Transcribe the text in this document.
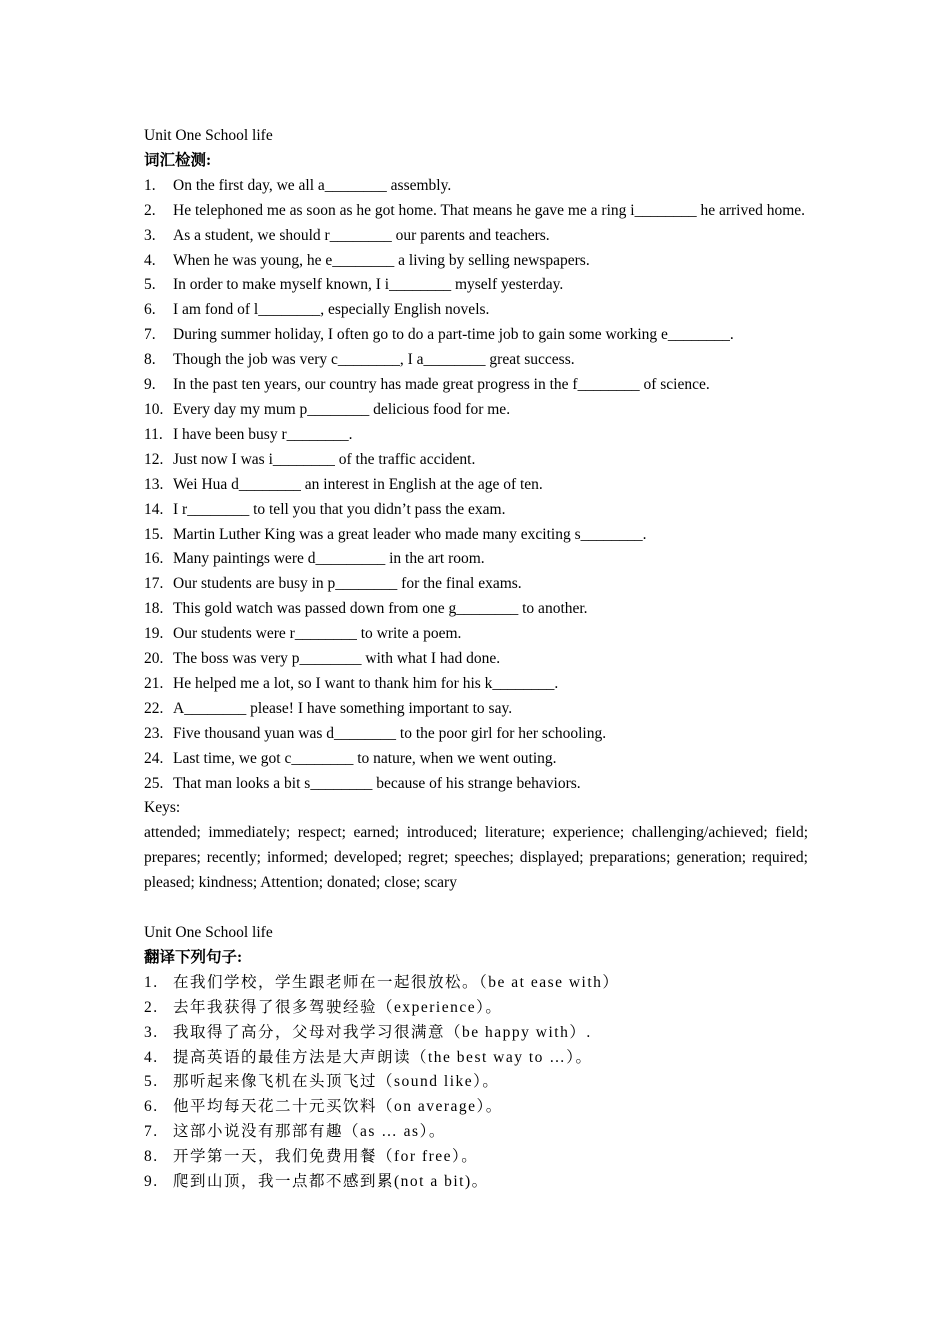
Unit One School life

词汇检测:

1. On the first day, we all a________ assembly.
2. He telephoned me as soon as he got home. That means he gave me a ring i________ he arrived home.
3. As a student, we should r________ our parents and teachers.
4. When he was young, he e________ a living by selling newspapers.
5. In order to make myself known, I i________ myself yesterday.
6. I am fond of l________, especially English novels.
7. During summer holiday, I often go to do a part-time job to gain some working e________.
8. Though the job was very c________, I a________ great success.
9. In the past ten years, our country has made great progress in the f________ of science.
10. Every day my mum p________ delicious food for me.
11. I have been busy r________.
12. Just now I was i________ of the traffic accident.
13. Wei Hua d________ an interest in English at the age of ten.
14. I r________ to tell you that you didn’t pass the exam.
15. Martin Luther King was a great leader who made many exciting s________.
16. Many paintings were d_________ in the art room.
17. Our students are busy in p________ for the final exams.
18. This gold watch was passed down from one g________ to another.
19. Our students were r________ to write a poem.
20. The boss was very p________ with what I had done.
21. He helped me a lot, so I want to thank him for his k________.
22. A________ please! I have something important to say.
23. Five thousand yuan was d________ to the poor girl for her schooling.
24. Last time, we got c________ to nature, when we went outing.
25. That man looks a bit s________ because of his strange behaviors.

Keys:

attended; immediately; respect; earned; introduced; literature; experience; challenging/achieved; field; prepares; recently; informed; developed; regret; speeches; displayed; preparations; generation; required; pleased; kindness; Attention; donated; close; scary

Unit One School life

翻译下列句子:

1. 在我们学校，学生跟老师在一起很放松。（be at ease with）
2. 去年我获得了很多驾驶经验（experience）。
3. 我取得了高分，父母对我学习很满意（be happy with）.
4. 提高英语的最佳方法是大声朗读（the best way to …）。
5. 那听起来像飞机在头顶飞过（sound like）。
6. 他平均每天花二十元买饮料（on average）。
7. 这部小说没有那部有趣（as … as）。
8. 开学第一天，我们免费用餐（for free）。
9. 爬到山顶，我一点都不感到累(not a bit)。
